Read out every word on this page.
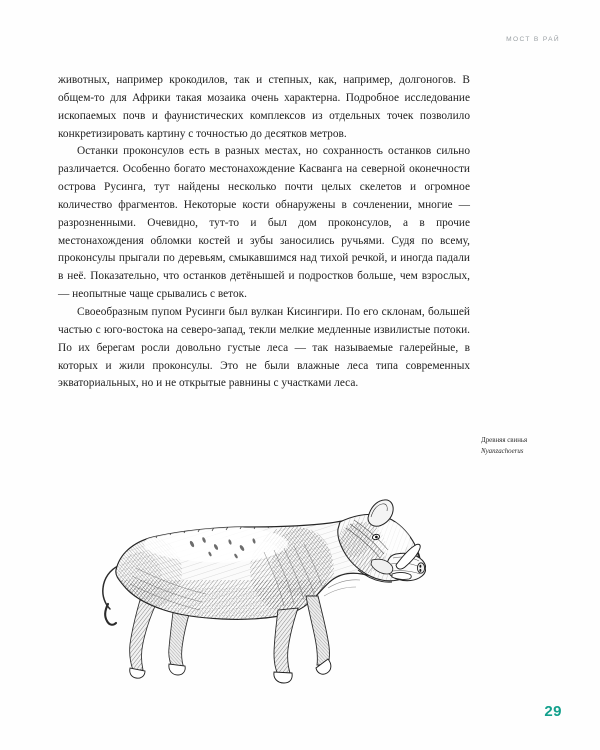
МОСТ В РАЙ

животных, например крокодилов, так и степных, как, например, долгоногов. В общем-то для Африки такая мозаика очень характерна. Подробное исследование ископаемых почв и фаунистических комплексов из отдельных точек позволило конкретизировать картину с точностью до десятков метров.

Останки проконсулов есть в разных местах, но сохранность останков сильно различается. Особенно богато местонахождение Касванга на северной оконечности острова Русинга, тут найдены несколько почти целых скелетов и огромное количество фрагментов. Некоторые кости обнаружены в сочленении, многие — разрозненными. Очевидно, тут-то и был дом проконсулов, а в прочие местонахождения обломки костей и зубы заносились ручьями. Судя по всему, проконсулы прыгали по деревьям, смыкавшимся над тихой речкой, и иногда падали в неё. Показательно, что останков детёнышей и подростков больше, чем взрослых, — неопытные чаще срывались с веток.

Своеобразным пупом Русинги был вулкан Кисингири. По его склонам, большей частью с юго-востока на северо-запад, текли мелкие медленные извилистые потоки. По их берегам росли довольно густые леса — так называемые галерейные, в которых и жили проконсулы. Это не были влажные леса типа современных экваториальных, но и не открытые равнины с участками леса.

Древняя свинья
Nyanzachoerus
29
